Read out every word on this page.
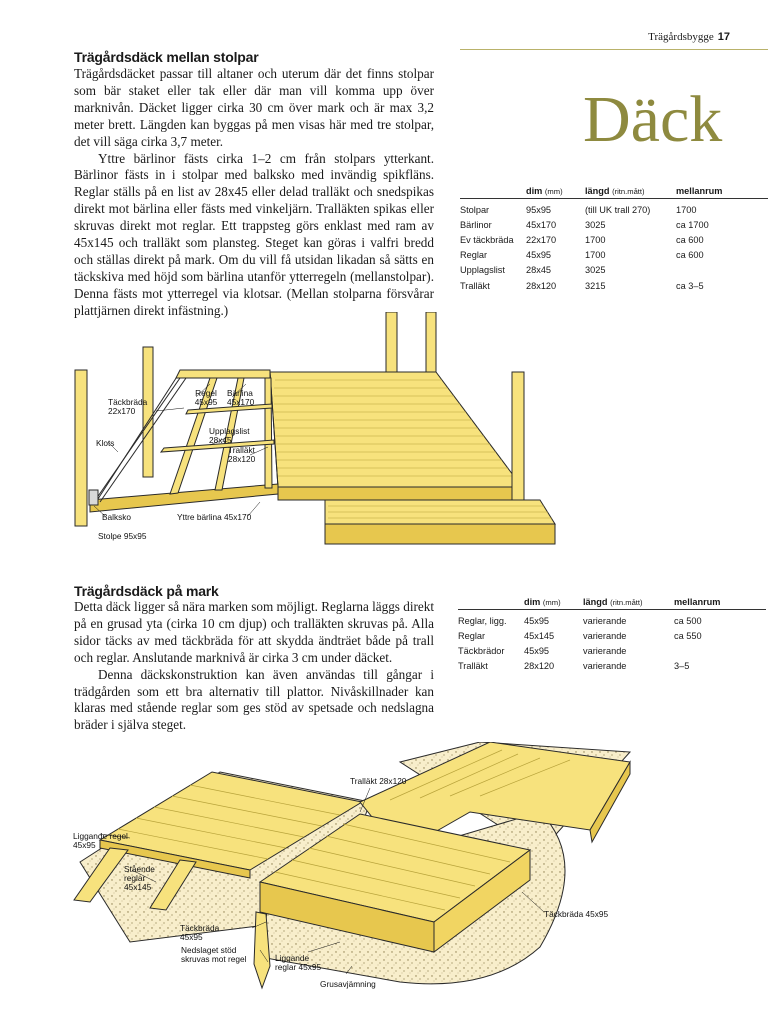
Trägårdsbygge 17
Däck
Trägårdsdäck mellan stolpar

Trägårdsdäcket passar till altaner och uterum där det finns stolpar som bär staket eller tak eller där man vill komma upp över marknivån. Däcket ligger cirka 30 cm över mark och är max 3,2 meter brett. Längden kan byggas på men visas här med tre stolpar, det vill säga cirka 3,7 meter.

Yttre bärlinor fästs cirka 1–2 cm från stolpars ytterkant. Bärlinor fästs in i stolpar med balksko med invändig spikfläns. Reglar ställs på en list av 28x45 eller delad tralläkt och snedspikas direkt mot bärlina eller fästs med vinkeljärn. Tralläkten spikas eller skruvas direkt mot reglar. Ett trappsteg görs enklast med ram av 45x145 och tralläkt som plansteg. Steget kan göras i valfri bredd och ställas direkt på mark. Om du vill få utsidan likadan så sätts en täckskiva med höjd som bärlina utanför ytterregeln (mellanstolpar). Denna fästs mot ytterregel via klotsar. (Mellan stolparna försvårar plattjärnen direkt infästning.)

	dim (mm)	längd (ritn.mått)	mellanrum
Stolpar	95x95	(till UK trall 270)	1700
Bärlinor	45x170	3025	ca 1700
Ev täckbräda	22x170	1700	ca 600
Reglar	45x95	1700	ca 600
Upplagslist	28x45	3025	
Tralläkt	28x120	3215	ca 3–5
Regel 45x95
Bärlina 45x170
Täckbräda 22x170
Upplagslist 28x45
Tralläkt 28x120
Klots
Balksko	Yttre bärlina 45x170
Stolpe 95x95
Trägårdsdäck på mark

Detta däck ligger så nära marken som möjligt. Reglarna läggs direkt på en grusad yta (cirka 10 cm djup) och tralläkten skruvas på. Alla sidor täcks av med täckbräda för att skydda ändträet både på trall och reglar. Anslutande marknivå är cirka 3 cm under däcket.

Denna däckskonstruktion kan även användas till gångar i trädgården som ett bra alternativ till plattor. Nivåskillnader kan klaras med stående reglar som ges stöd av spetsade och nedslagna bräder i själva steget.

	dim (mm)	längd (ritn.mått)	mellanrum
Reglar, ligg.	45x95	varierande	ca 500
Reglar	45x145	varierande	ca 550
Täckbrädor	45x95	varierande	
Tralläkt	28x120	varierande	3–5
Tralläkt 28x120
Liggande regel 45x95
Stående reglar 45x145
Täckbräda 45x95
Nedslaget stöd skruvas mot regel	Liggande reglar 45x95
Grusavjämning
Täckbräda 45x95
